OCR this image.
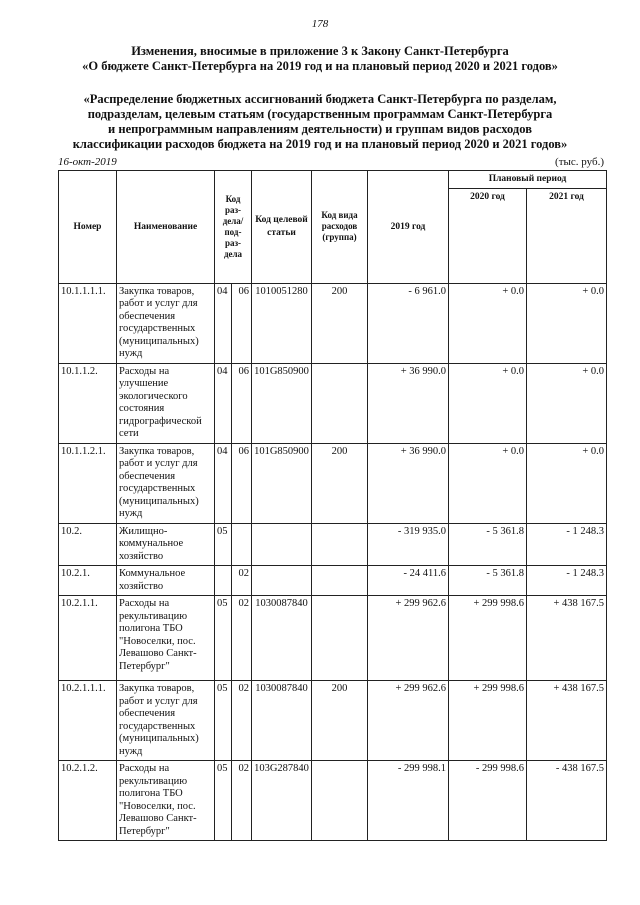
178
Изменения, вносимые в приложение 3 к Закону Санкт-Петербурга
«О бюджете Санкт-Петербурга на 2019 год и на плановый период 2020 и 2021 годов»
«Распределение бюджетных ассигнований бюджета Санкт-Петербурга по разделам,
подразделам, целевым статьям (государственным программам Санкт-Петербурга
и непрограммным направлениям деятельности) и группам видов расходов
классификации расходов бюджета на 2019 год и на плановый период 2020 и 2021 годов»
16-окт-2019	(тыс. руб.)
Номер	Наименование	Код раз-дела/ под-раз-дела		Код целевой статьи	Код вида расходов (группа)	2019 год	Плановый период	
							2020 год	2021 год
10.1.1.1.1.	Закупка товаров, работ и услуг для обеспечения государственных (муниципальных) нужд	04	06	1010051280	200	- 6 961.0	+ 0.0	+ 0.0
10.1.1.2.	Расходы на улучшение экологического состояния гидрографической сети	04	06	101G850900		+ 36 990.0	+ 0.0	+ 0.0
10.1.1.2.1.	Закупка товаров, работ и услуг для обеспечения государственных (муниципальных) нужд	04	06	101G850900	200	+ 36 990.0	+ 0.0	+ 0.0
10.2.	Жилищно-коммунальное хозяйство	05				- 319 935.0	- 5 361.8	- 1 248.3
10.2.1.	Коммунальное хозяйство		02			- 24 411.6	- 5 361.8	- 1 248.3
10.2.1.1.	Расходы на рекультивацию полигона ТБО "Новоселки, пос. Левашово Санкт-Петербург"	05	02	1030087840		+ 299 962.6	+ 299 998.6	+ 438 167.5
10.2.1.1.1.	Закупка товаров, работ и услуг для обеспечения государственных (муниципальных) нужд	05	02	1030087840	200	+ 299 962.6	+ 299 998.6	+ 438 167.5
10.2.1.2.	Расходы на рекультивацию полигона ТБО "Новоселки, пос. Левашово Санкт-Петербург"	05	02	103G287840		- 299 998.1	- 299 998.6	- 438 167.5
